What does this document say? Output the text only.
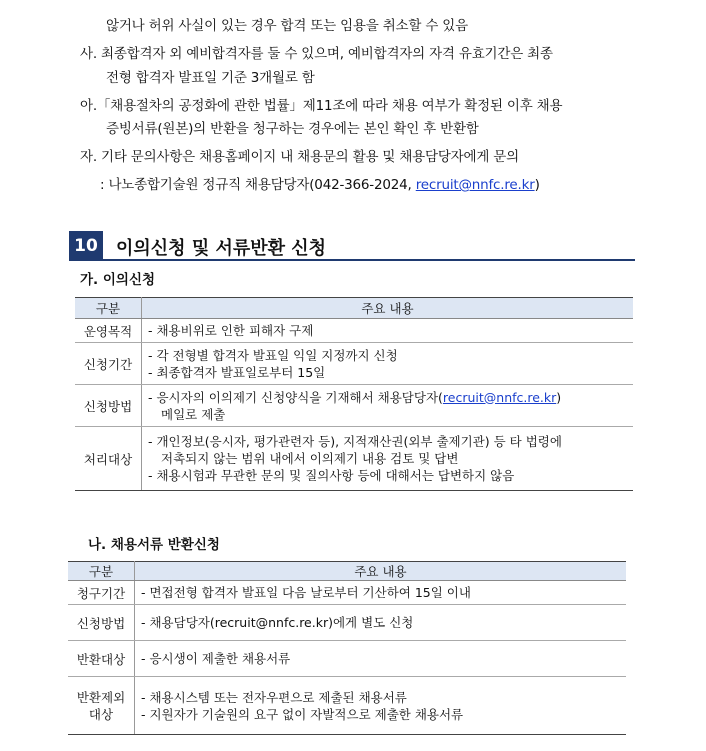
않거나 허위 사실이 있는 경우 합격 또는 임용을 취소할 수 있음
사. 최종합격자 외 예비합격자를 둘 수 있으며, 예비합격자의 자격 유효기간은 최종
전형 합격자 발표일 기준 3개월로 함
아.「채용절차의 공정화에 관한 법률」제11조에 따라 채용 여부가 확정된 이후 채용
증빙서류(원본)의 반환을 청구하는 경우에는 본인 확인 후 반환함
자. 기타 문의사항은 채용홈페이지 내 채용문의 활용 및 채용담당자에게 문의
: 나노종합기술원 정규직 채용담당자(042-366-2024, recruit@nnfc.re.kr)
10 이의신청 및 서류반환 신청
가. 이의신청
구분	주요 내용
운영목적	- 채용비위로 인한 피해자 구제

신청기간	- 각 전형별 합격자 발표일 익일 지정까지 신청
- 최종합격자 발표일로부터 15일

신청방법	- 응시자의 이의제기 신청양식을 기재해서 채용담당자(recruit@nnfc.re.kr)
메일로 제출

처리대상	- 개인정보(응시자, 평가관련자 등), 지적재산권(외부 출제기관) 등 타 법령에
저촉되지 않는 범위 내에서 이의제기 내용 검토 및 답변
- 채용시험과 무관한 문의 및 질의사항 등에 대해서는 답변하지 않음
나. 채용서류 반환신청
구분	주요 내용
청구기간	- 면접전형 합격자 발표일 다음 날로부터 기산하여 15일 이내

신청방법	- 채용담당자(recruit@nnfc.re.kr)에게 별도 신청

반환대상	- 응시생이 제출한 채용서류

반환제외
대상	- 채용시스템 또는 전자우편으로 제출된 채용서류
- 지원자가 기술원의 요구 없이 자발적으로 제출한 채용서류
